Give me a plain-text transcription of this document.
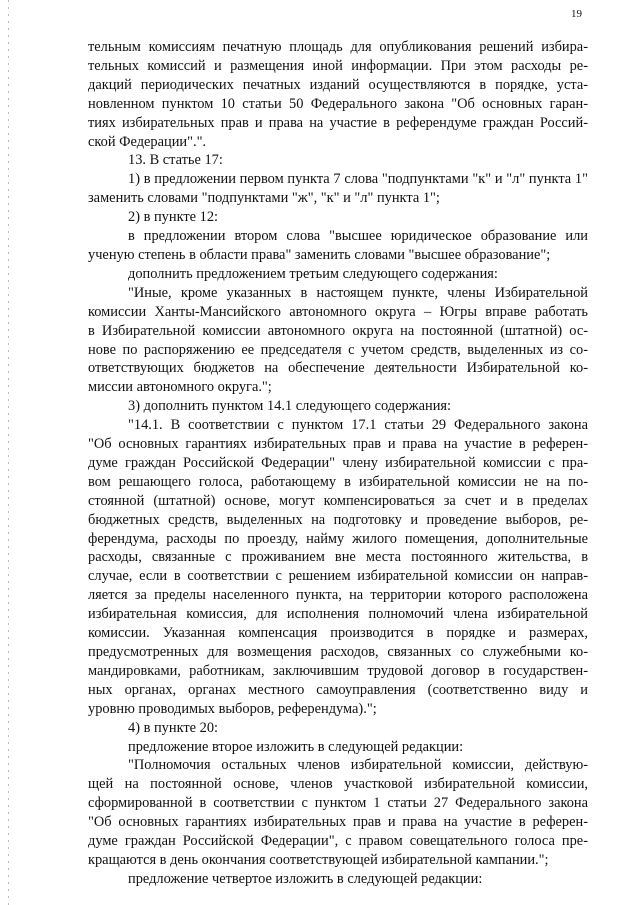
19
тельным комиссиям печатную площадь для опубликования решений избира-
тельных комиссий и размещения иной информации. При этом расходы ре-
дакций периодических печатных изданий осуществляются в порядке, уста-
новленном пунктом 10 статьи 50 Федерального закона "Об основных гаран-
тиях избирательных прав и права на участие в референдуме граждан Россий-
ской Федерации".".
13. В статье 17:
1) в предложении первом пункта 7 слова "подпунктами "к" и "л" пункта 1"
заменить словами "подпунктами "ж", "к" и "л" пункта 1";
2) в пункте 12:
в предложении втором слова "высшее юридическое образование или
ученую степень в области права" заменить словами "высшее образование";
дополнить предложением третьим следующего содержания:
"Иные, кроме указанных в настоящем пункте, члены Избирательной
комиссии Ханты-Мансийского автономного округа – Югры вправе работать
в Избирательной комиссии автономного округа на постоянной (штатной) ос-
нове по распоряжению ее председателя с учетом средств, выделенных из со-
ответствующих бюджетов на обеспечение деятельности Избирательной ко-
миссии автономного округа.";
3) дополнить пунктом 14.1 следующего содержания:
"14.1. В соответствии с пунктом 17.1 статьи 29 Федерального закона
"Об основных гарантиях избирательных прав и права на участие в референ-
думе граждан Российской Федерации" члену избирательной комиссии с пра-
вом решающего голоса, работающему в избирательной комиссии не на по-
стоянной (штатной) основе, могут компенсироваться за счет и в пределах
бюджетных средств, выделенных на подготовку и проведение выборов, ре-
ферендума, расходы по проезду, найму жилого помещения, дополнительные
расходы, связанные с проживанием вне места постоянного жительства, в
случае, если в соответствии с решением избирательной комиссии он направ-
ляется за пределы населенного пункта, на территории которого расположена
избирательная комиссия, для исполнения полномочий члена избирательной
комиссии. Указанная компенсация производится в порядке и размерах,
предусмотренных для возмещения расходов, связанных со служебными ко-
мандировками, работникам, заключившим трудовой договор в государствен-
ных органах, органах местного самоуправления (соответственно виду и
уровню проводимых выборов, референдума).";
4) в пункте 20:
предложение второе изложить в следующей редакции:
"Полномочия остальных членов избирательной комиссии, действую-
щей на постоянной основе, членов участковой избирательной комиссии,
сформированной в соответствии с пунктом 1 статьи 27 Федерального закона
"Об основных гарантиях избирательных прав и права на участие в референ-
думе граждан Российской Федерации", с правом совещательного голоса пре-
кращаются в день окончания соответствующей избирательной кампании.";
предложение четвертое изложить в следующей редакции:
